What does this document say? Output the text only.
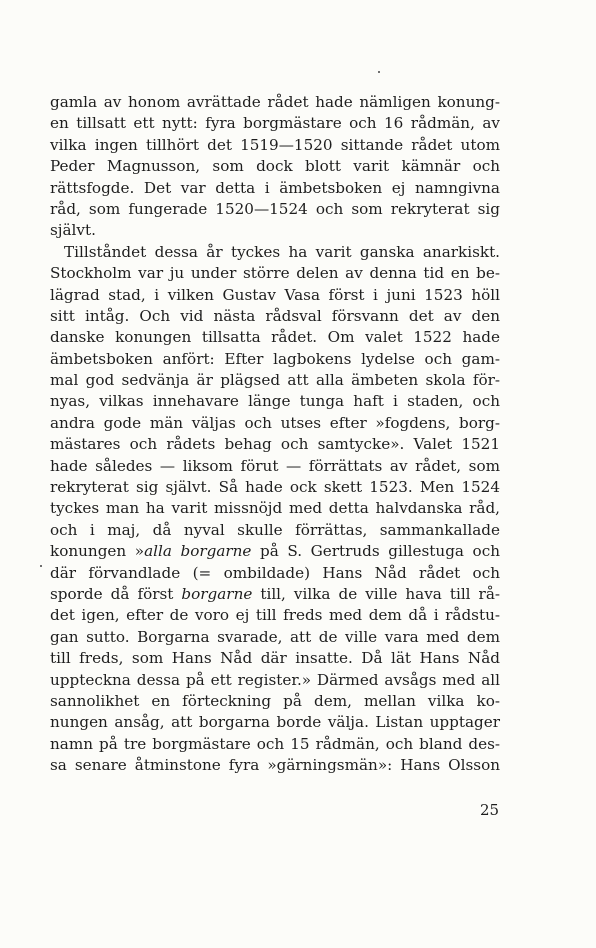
gamla av honom avrättade rådet hade nämligen konung-
en tillsatt ett nytt: fyra borgmästare och 16 rådmän, av
vilka ingen tillhört det 1519—1520 sittande rådet utom
Peder Magnusson, som dock blott varit kämnär och
rättsfogde. Det var detta i ämbetsboken ej namngivna
råd, som fungerade 1520—1524 och som rekryterat sig
självt.
Tillståndet dessa år tyckes ha varit ganska anarkiskt.
Stockholm var ju under större delen av denna tid en be-
lägrad stad, i vilken Gustav Vasa först i juni 1523 höll
sitt intåg. Och vid nästa rådsval försvann det av den
danske konungen tillsatta rådet. Om valet 1522 hade
ämbetsboken anfört: Efter lagbokens lydelse och gam-
mal god sedvänja är plägsed att alla ämbeten skola för-
nyas, vilkas innehavare länge tunga haft i staden, och
andra gode män väljas och utses efter »fogdens, borg-
mästares och rådets behag och samtycke». Valet 1521
hade således — liksom förut — förrättats av rådet, som
rekryterat sig självt. Så hade ock skett 1523. Men 1524
tyckes man ha varit missnöjd med detta halvdanska råd,
och i maj, då nyval skulle förrättas, sammankallade
konungen »alla borgarne på S. Gertruds gillestuga och
där förvandlade (= ombildade) Hans Nåd rådet och
sporde då först borgarne till, vilka de ville hava till rå-
det igen, efter de voro ej till freds med dem då i rådstu-
gan sutto. Borgarna svarade, att de ville vara med dem
till freds, som Hans Nåd där insatte. Då lät Hans Nåd
uppteckna dessa på ett register.» Därmed avsågs med all
sannolikhet en förteckning på dem, mellan vilka ko-
nungen ansåg, att borgarna borde välja. Listan upptager
namn på tre borgmästare och 15 rådmän, och bland des-
sa senare åtminstone fyra »gärningsmän»: Hans Olsson
25
